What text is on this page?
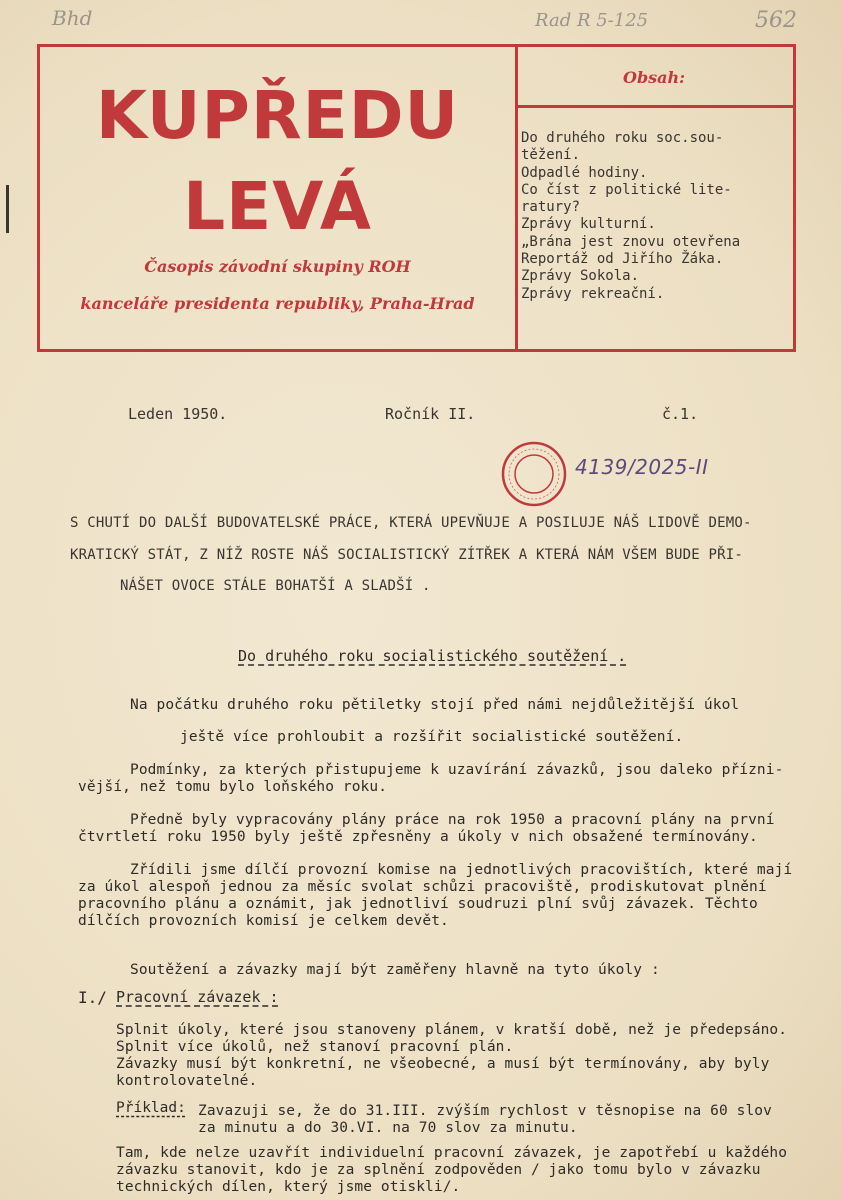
Bhd	Rad R 5-125	562
KUPŘEDU
LEVÁ
Časopis závodní skupiny ROH
kanceláře presidenta republiky, Praha-Hrad
Obsah:
Do druhého roku soc.sou-
těžení.
Odpadlé hodiny.
Co číst z politické lite-
ratury?
Zprávy kulturní.
„Brána jest znovu otevřena
Reportáž od Jiřího Žáka.
Zprávy Sokola.
Zprávy rekreační.
Leden 1950.	Ročník II.	č.1.
4139/2025-II
S CHUTÍ DO DALŠÍ BUDOVATELSKÉ PRÁCE, KTERÁ UPEVŇUJE A POSILUJE NÁŠ LIDOVĚ DEMO-
KRATICKÝ STÁT, Z NÍŽ ROSTE NÁŠ SOCIALISTICKÝ ZÍTŘEK A KTERÁ NÁM VŠEM BUDE PŘI-
NÁŠET OVOCE STÁLE BOHATŠÍ A SLADŠÍ .
Do druhého roku socialistického soutěžení .
Na počátku druhého roku pětiletky stojí před námi nejdůležitější úkol
ještě více prohloubit a rozšířit socialistické soutěžení.
Podmínky, za kterých přistupujeme k uzavírání závazků, jsou daleko přízni-
vější, než tomu bylo loňského roku.
Předně byly vypracovány plány práce na rok 1950 a pracovní plány na první
čtvrtletí roku 1950 byly ještě zpřesněny a úkoly v nich obsažené termínovány.
Zřídili jsme dílčí provozní komise na jednotlivých pracovištích, které mají
za úkol alespoň jednou za měsíc svolat schůzi pracoviště, prodiskutovat plnění
pracovního plánu a oznámit, jak jednotliví soudruzi plní svůj závazek. Těchto
dílčích provozních komisí je celkem devět.
Soutěžení a závazky mají být zaměřeny hlavně na tyto úkoly :
I./ Pracovní závazek :
Splnit úkoly, které jsou stanoveny plánem, v kratší době, než je předepsáno.
Splnit více úkolů, než stanoví pracovní plán.
Závazky musí být konkretní, ne všeobecné, a musí být termínovány, aby byly
kontrolovatelné.
Příklad: Zavazuji se, že do 31.III. zvýším rychlost v těsnopise na 60 slov
za minutu a do 30.VI. na 70 slov za minutu.
Tam, kde nelze uzavřít individuelní pracovní závazek, je zapotřebí u každého
závazku stanovit, kdo je za splnění zodpověden / jako tomu bylo v závazku
technických dílen, který jsme otiskli/.
